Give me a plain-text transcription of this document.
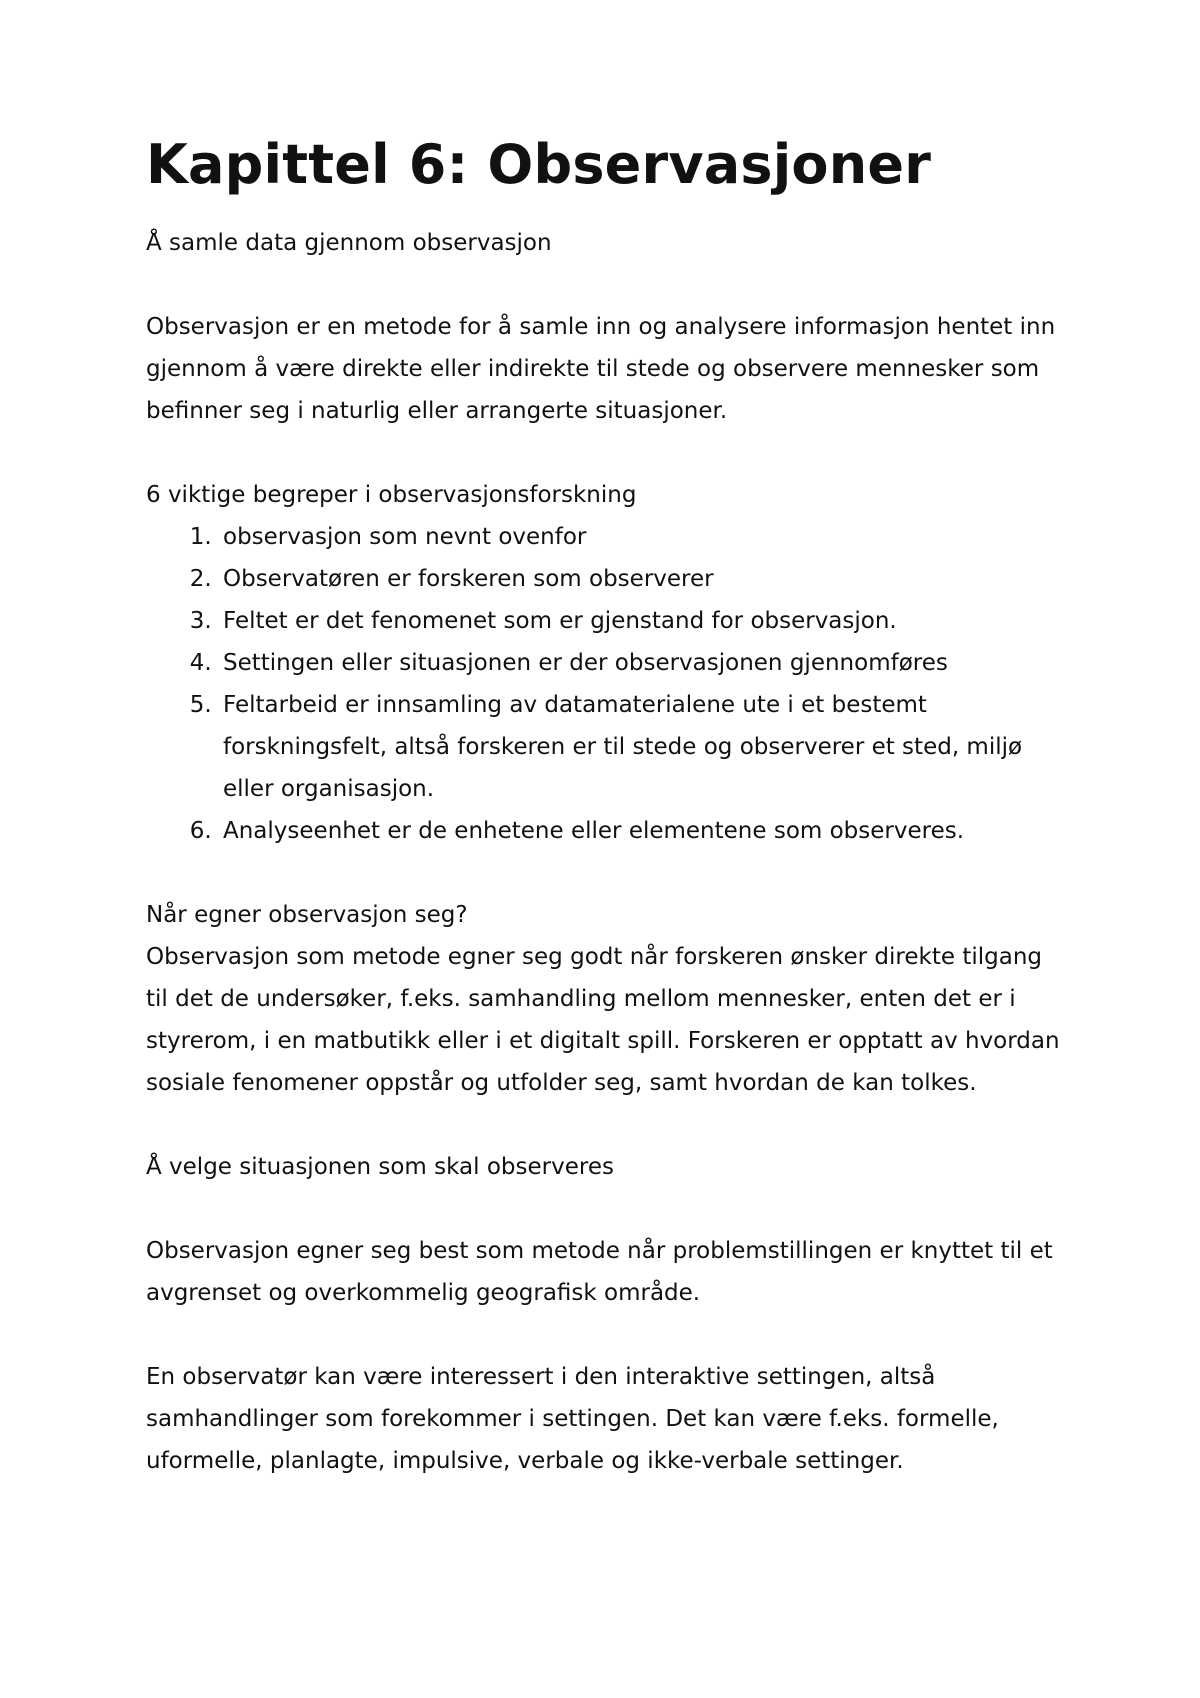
Kapittel 6: Observasjoner

Å samle data gjennom observasjon

Observasjon er en metode for å samle inn og analysere informasjon hentet inn gjennom å være direkte eller indirekte til stede og observere mennesker som befinner seg i naturlig eller arrangerte situasjoner.

6 viktige begreper i observasjonsforskning

1. observasjon som nevnt ovenfor
2. Observatøren er forskeren som observerer
3. Feltet er det fenomenet som er gjenstand for observasjon.
4. Settingen eller situasjonen er der observasjonen gjennomføres
5. Feltarbeid er innsamling av datamaterialene ute i et bestemt forskningsfelt, altså forskeren er til stede og observerer et sted, miljø eller organisasjon.
6. Analyseenhet er de enhetene eller elementene som observeres.

Når egner observasjon seg?

Observasjon som metode egner seg godt når forskeren ønsker direkte tilgang til det de undersøker, f.eks. samhandling mellom mennesker, enten det er i styrerom, i en matbutikk eller i et digitalt spill. Forskeren er opptatt av hvordan sosiale fenomener oppstår og utfolder seg, samt hvordan de kan tolkes.

Å velge situasjonen som skal observeres

Observasjon egner seg best som metode når problemstillingen er knyttet til et avgrenset og overkommelig geografisk område.

En observatør kan være interessert i den interaktive settingen, altså samhandlinger som forekommer i settingen. Det kan være f.eks. formelle, uformelle, planlagte, impulsive, verbale og ikke-verbale settinger.
